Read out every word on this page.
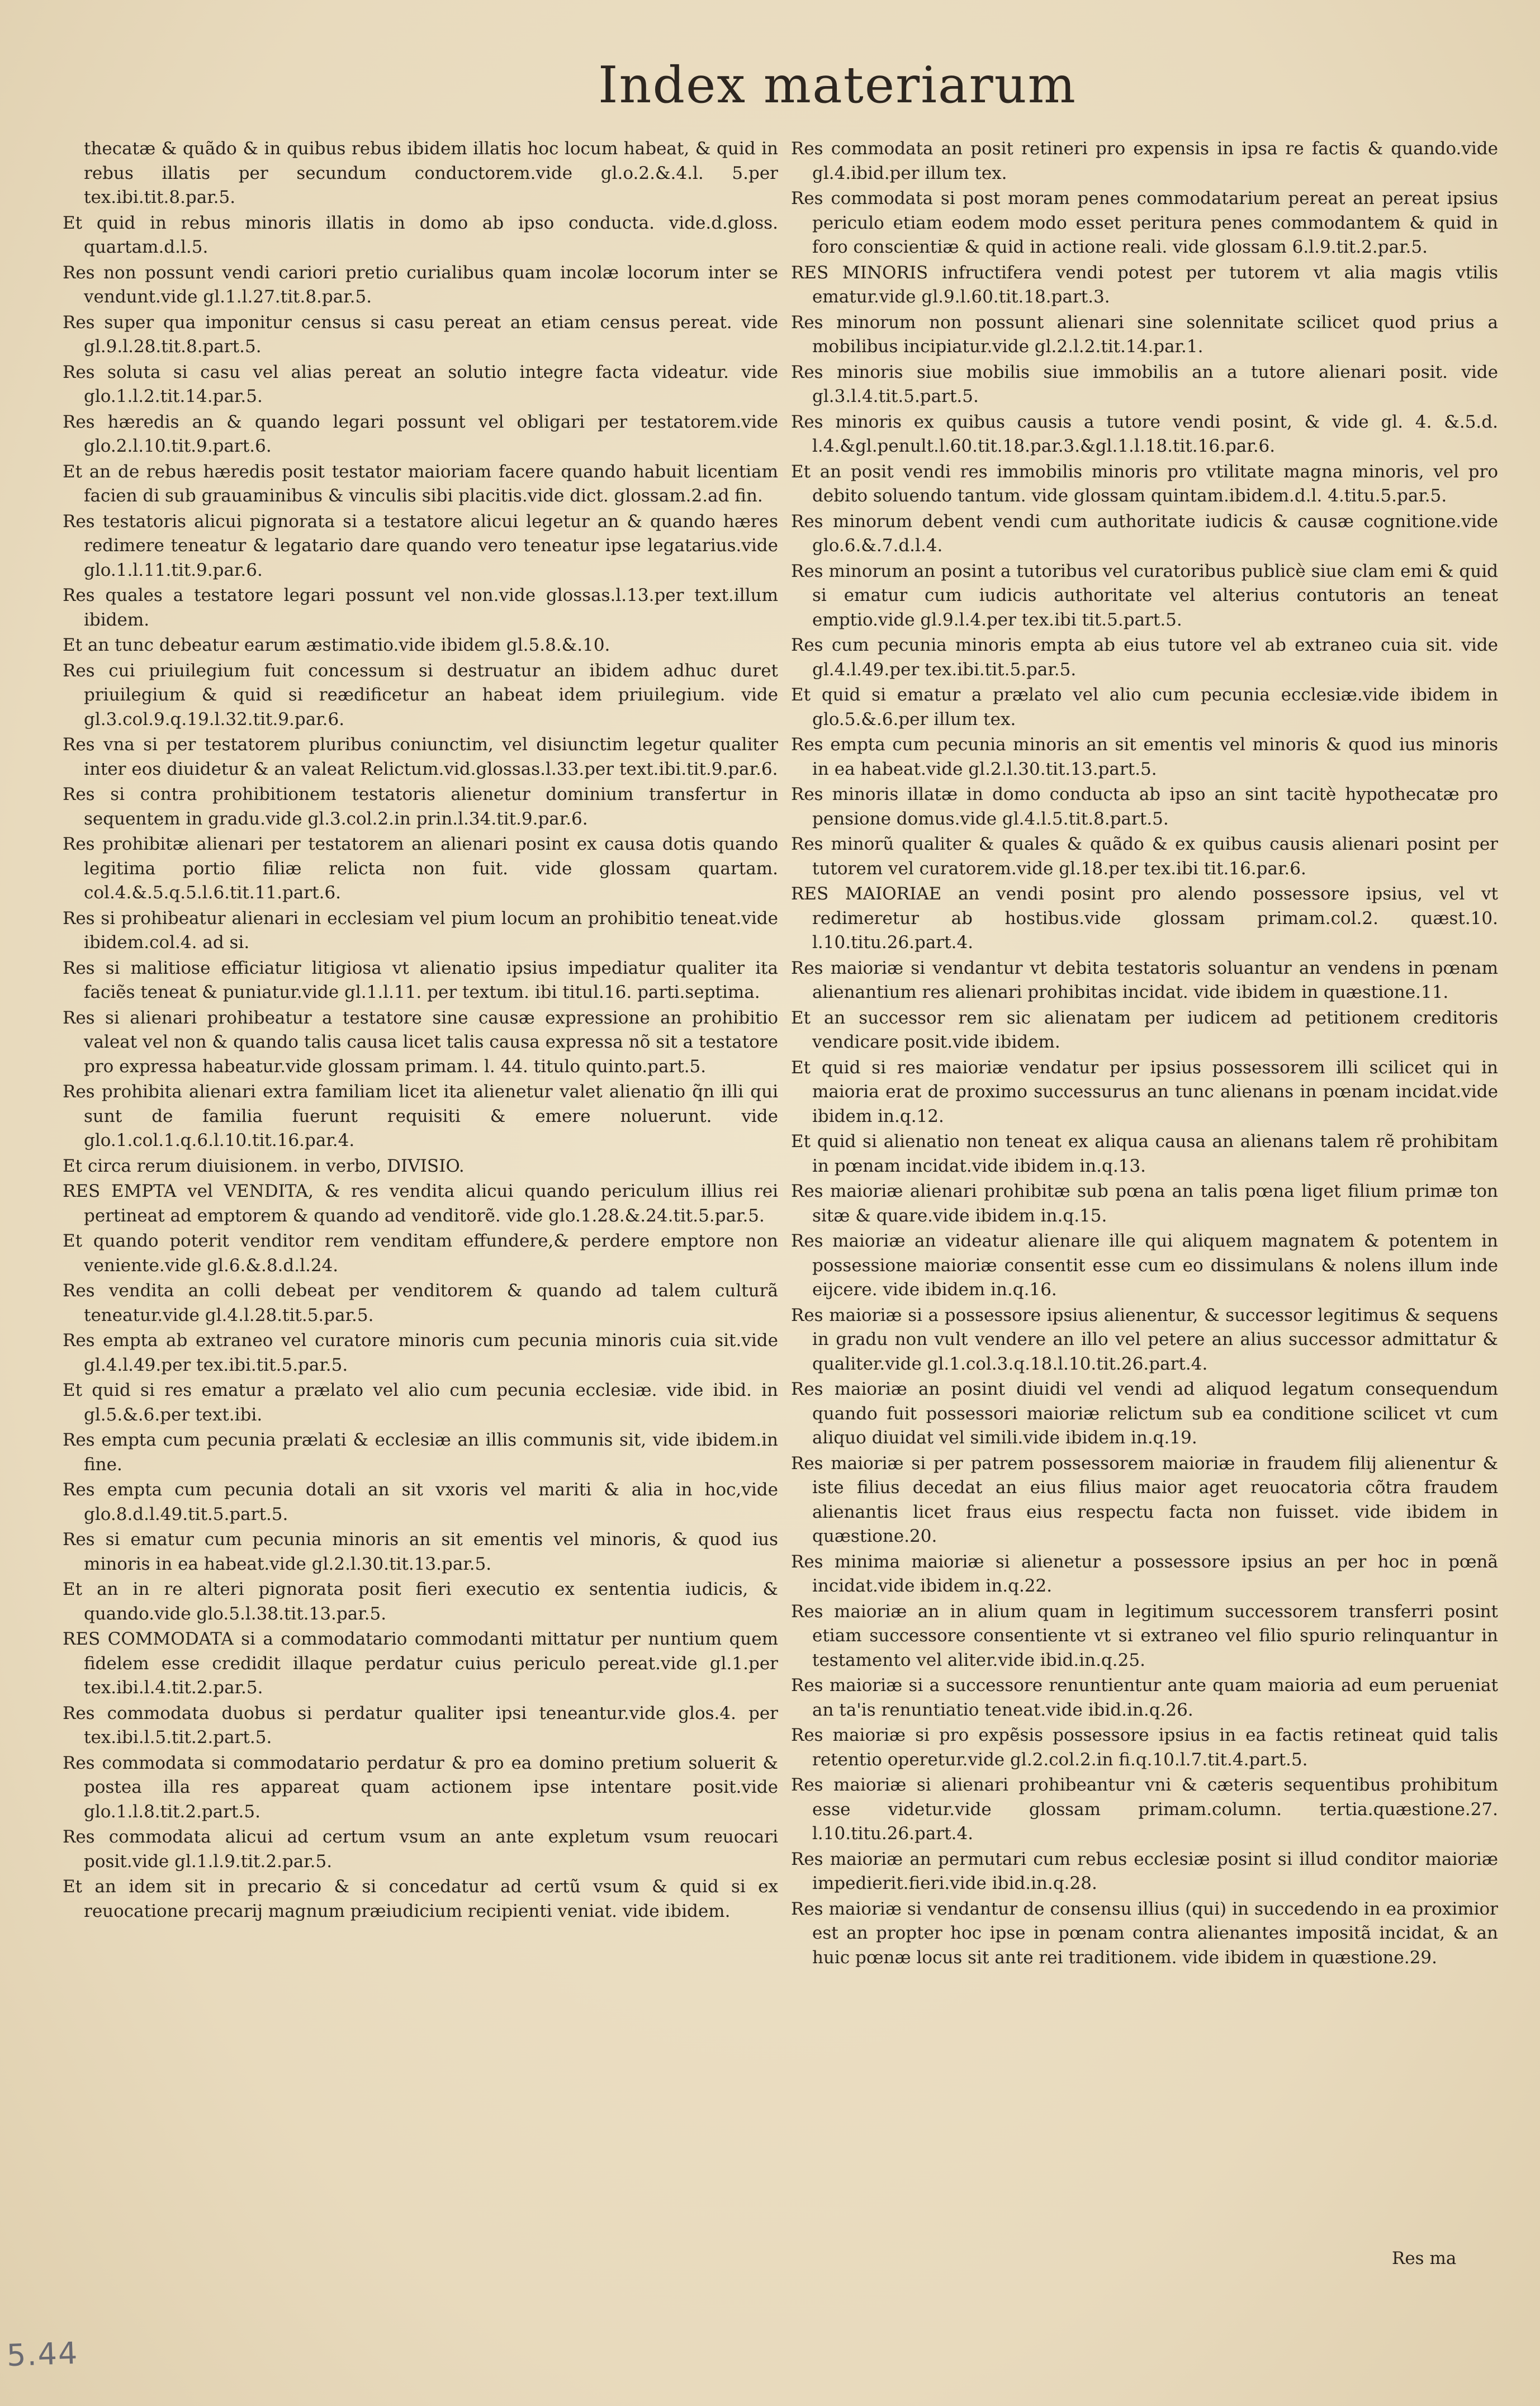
Index materiarum

thecatæ & quãdo & in quibus rebus ibidem illatis hoc locum habeat, & quid in rebus illatis per secundum conductorem.vide gl.o.2.&.4.l. 5.per tex.ibi.tit.8.par.5.

Et quid in rebus minoris illatis in domo ab ipso conducta. vide.d.gloss. quartam.d.l.5.

Res non possunt vendi cariori pretio curialibus quam incolæ locorum inter se vendunt.vide gl.1.l.27.tit.8.par.5.

Res super qua imponitur census si casu pereat an etiam census pereat. vide gl.9.l.28.tit.8.part.5.

Res soluta si casu vel alias pereat an solutio integre facta videatur. vide glo.1.l.2.tit.14.par.5.

Res hæredis an & quando legari possunt vel obligari per testatorem.vide glo.2.l.10.tit.9.part.6.

Et an de rebus hæredis posit testator maioriam facere quando habuit licentiam facien di sub grauaminibus & vinculis sibi placitis.vide dict. glossam.2.ad fin.

Res testatoris alicui pignorata si a testatore alicui legetur an & quando hæres redimere teneatur & legatario dare quando vero teneatur ipse legatarius.vide glo.1.l.11.tit.9.par.6.

Res quales a testatore legari possunt vel non.vide glossas.l.13.per text.illum ibidem.

Et an tunc debeatur earum æstimatio.vide ibidem gl.5.8.&.10.

Res cui priuilegium fuit concessum si destruatur an ibidem adhuc duret priuilegium & quid si reædificetur an habeat idem priuilegium. vide gl.3.col.9.q.19.l.32.tit.9.par.6.

Res vna si per testatorem pluribus coniunctim, vel disiunctim legetur qualiter inter eos diuidetur & an valeat Relictum.vid.glossas.l.33.per text.ibi.tit.9.par.6.

Res si contra prohibitionem testatoris alienetur dominium transfertur in sequentem in gradu.vide gl.3.col.2.in prin.l.34.tit.9.par.6.

Res prohibitæ alienari per testatorem an alienari posint ex causa dotis quando legitima portio filiæ relicta non fuit. vide glossam quartam. col.4.&.5.q.5.l.6.tit.11.part.6.

Res si prohibeatur alienari in ecclesiam vel pium locum an prohibitio teneat.vide ibidem.col.4. ad si.

Res si malitiose efficiatur litigiosa vt alienatio ipsius impediatur qualiter ita faciẽs teneat & puniatur.vide gl.1.l.11. per textum. ibi titul.16. parti.septima.

Res si alienari prohibeatur a testatore sine causæ expressione an prohibitio valeat vel non & quando talis causa licet talis causa expressa nõ sit a testatore pro expressa habeatur.vide glossam primam. l. 44. titulo quinto.part.5.

Res prohibita alienari extra familiam licet ita alienetur valet alienatio q̃n illi qui sunt de familia fuerunt requisiti & emere noluerunt. vide glo.1.col.1.q.6.l.10.tit.16.par.4.

Et circa rerum diuisionem. in verbo, DIVISIO.

RES EMPTA vel VENDITA, & res vendita alicui quando periculum illius rei pertineat ad emptorem & quando ad venditorẽ. vide glo.1.28.&.24.tit.5.par.5.

Et quando poterit venditor rem venditam effundere,& perdere emptore non veniente.vide gl.6.&.8.d.l.24.

Res vendita an colli debeat per venditorem & quando ad talem culturã teneatur.vide gl.4.l.28.tit.5.par.5.

Res empta ab extraneo vel curatore minoris cum pecunia minoris cuia sit.vide gl.4.l.49.per tex.ibi.tit.5.par.5.

Et quid si res ematur a prælato vel alio cum pecunia ecclesiæ. vide ibid. in gl.5.&.6.per text.ibi.

Res empta cum pecunia prælati & ecclesiæ an illis communis sit, vide ibidem.in fine.

Res empta cum pecunia dotali an sit vxoris vel mariti & alia in hoc,vide glo.8.d.l.49.tit.5.part.5.

Res si ematur cum pecunia minoris an sit ementis vel minoris, & quod ius minoris in ea habeat.vide gl.2.l.30.tit.13.par.5.

Et an in re alteri pignorata posit fieri executio ex sententia iudicis, & quando.vide glo.5.l.38.tit.13.par.5.

RES COMMODATA si a commodatario commodanti mittatur per nuntium quem fidelem esse credidit illaque perdatur cuius periculo pereat.vide gl.1.per tex.ibi.l.4.tit.2.par.5.

Res commodata duobus si perdatur qualiter ipsi teneantur.vide glos.4. per tex.ibi.l.5.tit.2.part.5.

Res commodata si commodatario perdatur & pro ea domino pretium soluerit & postea illa res appareat quam actionem ipse intentare posit.vide glo.1.l.8.tit.2.part.5.

Res commodata alicui ad certum vsum an ante expletum vsum reuocari posit.vide gl.1.l.9.tit.2.par.5.

Et an idem sit in precario & si concedatur ad certũ vsum & quid si ex reuocatione precarij magnum præiudicium recipienti veniat. vide ibidem.

Res commodata an posit retineri pro expensis in ipsa re factis & quando.vide gl.4.ibid.per illum tex.

Res commodata si post moram penes commodatarium pereat an pereat ipsius periculo etiam eodem modo esset peritura penes commodantem & quid in foro conscientiæ & quid in actione reali. vide glossam 6.l.9.tit.2.par.5.

RES MINORIS infructifera vendi potest per tutorem vt alia magis vtilis ematur.vide gl.9.l.60.tit.18.part.3.

Res minorum non possunt alienari sine solennitate scilicet quod prius a mobilibus incipiatur.vide gl.2.l.2.tit.14.par.1.

Res minoris siue mobilis siue immobilis an a tutore alienari posit. vide gl.3.l.4.tit.5.part.5.

Res minoris ex quibus causis a tutore vendi posint, & vide gl. 4. &.5.d. l.4.&gl.penult.l.60.tit.18.par.3.&gl.1.l.18.tit.16.par.6.

Et an posit vendi res immobilis minoris pro vtilitate magna minoris, vel pro debito soluendo tantum. vide glossam quintam.ibidem.d.l. 4.titu.5.par.5.

Res minorum debent vendi cum authoritate iudicis & causæ cognitione.vide glo.6.&.7.d.l.4.

Res minorum an posint a tutoribus vel curatoribus publicè siue clam emi & quid si ematur cum iudicis authoritate vel alterius contutoris an teneat emptio.vide gl.9.l.4.per tex.ibi tit.5.part.5.

Res cum pecunia minoris empta ab eius tutore vel ab extraneo cuia sit. vide gl.4.l.49.per tex.ibi.tit.5.par.5.

Et quid si ematur a prælato vel alio cum pecunia ecclesiæ.vide ibidem in glo.5.&.6.per illum tex.

Res empta cum pecunia minoris an sit ementis vel minoris & quod ius minoris in ea habeat.vide gl.2.l.30.tit.13.part.5.

Res minoris illatæ in domo conducta ab ipso an sint tacitè hypothecatæ pro pensione domus.vide gl.4.l.5.tit.8.part.5.

Res minorũ qualiter & quales & quãdo & ex quibus causis alienari posint per tutorem vel curatorem.vide gl.18.per tex.ibi tit.16.par.6.

RES MAIORIAE an vendi posint pro alendo possessore ipsius, vel vt redimeretur ab hostibus.vide glossam primam.col.2. quæst.10. l.10.titu.26.part.4.

Res maioriæ si vendantur vt debita testatoris soluantur an vendens in pœnam alienantium res alienari prohibitas incidat. vide ibidem in quæstione.11.

Et an successor rem sic alienatam per iudicem ad petitionem creditoris vendicare posit.vide ibidem.

Et quid si res maioriæ vendatur per ipsius possessorem illi scilicet qui in maioria erat de proximo successurus an tunc alienans in pœnam incidat.vide ibidem in.q.12.

Et quid si alienatio non teneat ex aliqua causa an alienans talem rẽ prohibitam in pœnam incidat.vide ibidem in.q.13.

Res maioriæ alienari prohibitæ sub pœna an talis pœna liget filium primæ ton sitæ & quare.vide ibidem in.q.15.

Res maioriæ an videatur alienare ille qui aliquem magnatem & potentem in possessione maioriæ consentit esse cum eo dissimulans & nolens illum inde eijcere. vide ibidem in.q.16.

Res maioriæ si a possessore ipsius alienentur, & successor legitimus & sequens in gradu non vult vendere an illo vel petere an alius successor admittatur & qualiter.vide gl.1.col.3.q.18.l.10.tit.26.part.4.

Res maioriæ an posint diuidi vel vendi ad aliquod legatum consequendum quando fuit possessori maioriæ relictum sub ea conditione scilicet vt cum aliquo diuidat vel simili.vide ibidem in.q.19.

Res maioriæ si per patrem possessorem maioriæ in fraudem filij alienentur & iste filius decedat an eius filius maior aget reuocatoria cõtra fraudem alienantis licet fraus eius respectu facta non fuisset. vide ibidem in quæstione.20.

Res minima maioriæ si alienetur a possessore ipsius an per hoc in pœnã incidat.vide ibidem in.q.22.

Res maioriæ an in alium quam in legitimum successorem transferri posint etiam successore consentiente vt si extraneo vel filio spurio relinquantur in testamento vel aliter.vide ibid.in.q.25.

Res maioriæ si a successore renuntientur ante quam maioria ad eum perueniat an ta'is renuntiatio teneat.vide ibid.in.q.26.

Res maioriæ si pro expẽsis possessore ipsius in ea factis retineat quid talis retentio operetur.vide gl.2.col.2.in fi.q.10.l.7.tit.4.part.5.

Res maioriæ si alienari prohibeantur vni & cæteris sequentibus prohibitum esse videtur.vide glossam primam.column. tertia.quæstione.27. l.10.titu.26.part.4.

Res maioriæ an permutari cum rebus ecclesiæ posint si illud conditor maioriæ impedierit.fieri.vide ibid.in.q.28.

Res maioriæ si vendantur de consensu illius (qui) in succedendo in ea proximior est an propter hoc ipse in pœnam contra alienantes impositã incidat, & an huic pœnæ locus sit ante rei traditionem. vide ibidem in quæstione.29.

Res ma
5.44
